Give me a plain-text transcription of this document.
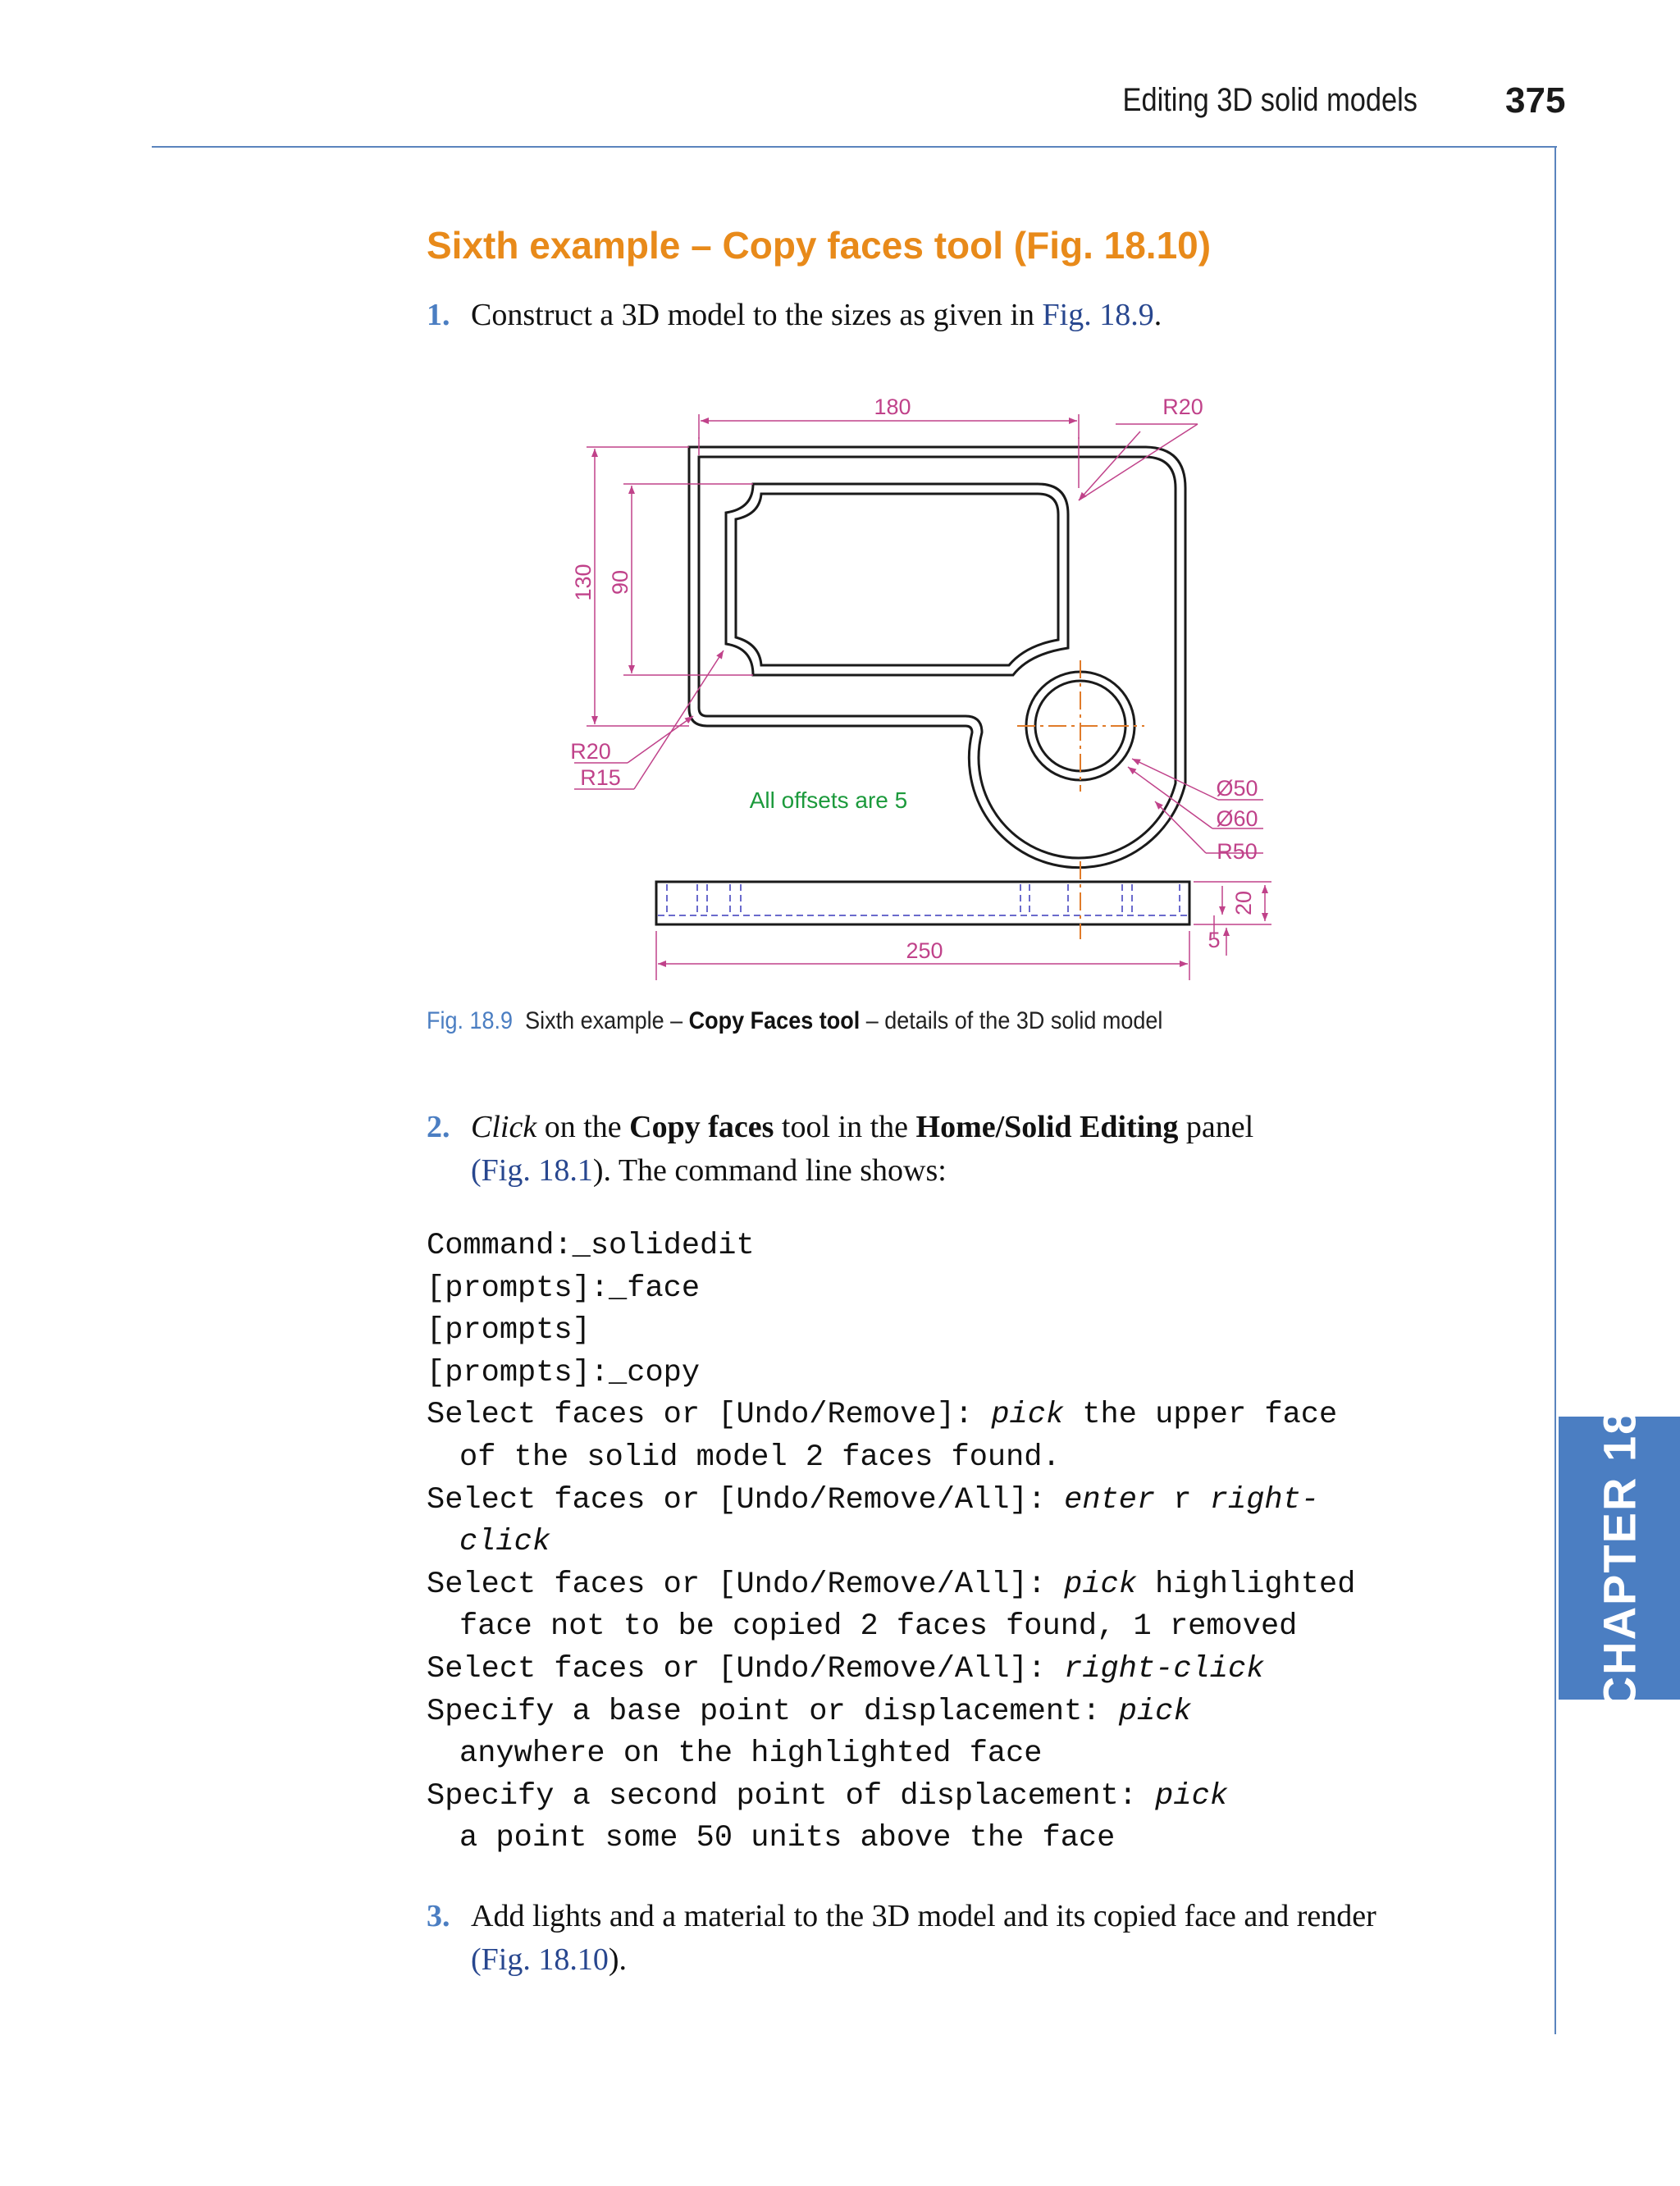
Editing 3D solid models 375
CHAPTER 18
Sixth example – Copy faces tool (Fig. 18.10)
1. Construct a 3D model to the sizes as given in Fig. 18.9.
180	R20
130 90
R20
R15
All offsets are 5	Ø50
Ø60
R50
20
5
250
Fig. 18.9 Sixth example – Copy Faces tool – details of the 3D solid model
2. Click on the Copy faces tool in the Home/Solid Editing panel
(Fig. 18.1). The command line shows:
Command:_solidedit
[prompts]:_face
[prompts]
[prompts]:_copy
Select faces or [Undo/Remove]: pick the upper face
of the solid model 2 faces found.
Select faces or [Undo/Remove/All]: enter r right-
click
Select faces or [Undo/Remove/All]: pick highlighted
face not to be copied 2 faces found, 1 removed
Select faces or [Undo/Remove/All]: right-click
Specify a base point or displacement: pick
anywhere on the highlighted face
Specify a second point of displacement: pick
a point some 50 units above the face
3. Add lights and a material to the 3D model and its copied face and render (Fig. 18.10).
